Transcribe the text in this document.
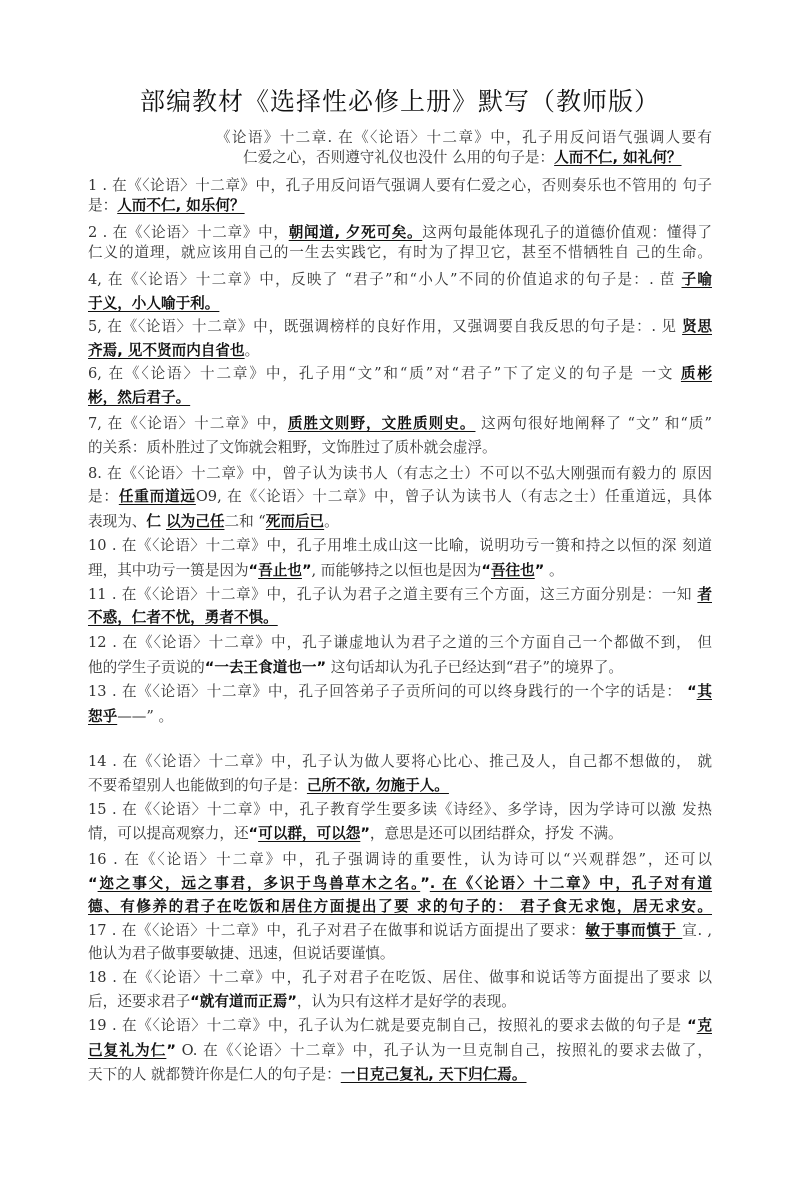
部编教材《选择性必修上册》默写（教师版）
《论语》十二章. 在《〈论语〉十二章》中，孔子用反问语气强调人要有
仁爱之心，否则遵守礼仪也没什 么用的句子是：人而不仁, 如礼何？
1 . 在《〈论语〉十二章》中，孔子用反问语气强调人要有仁爱之心，否则奏乐也不管用的 句子
是：人而不仁, 如乐何？
2 . 在《〈论语〉十二章》中，朝闻道, 夕死可矣。这两句最能体现孔子的道德价值观：懂得了
仁义的道理，就应该用自己的一生去实践它，有时为了捍卫它，甚至不惜牺牲自 己的生命。
4, 在《〈论语〉十二章》中，反映了 “君子”和“小人”不同的价值追求的句子是：. 茞 子喻
于义，小人喻于利。
5, 在《〈论语〉十二章》中，既强调榜样的良好作用，又强调要自我反思的句子是：. 见 贤思
齐焉, 见不贤而内自省也。
6, 在《〈论语〉十二章》中，孔子用“文”和“质”对“君子”下了定义的句子是 一文 质彬
彬，然后君子。
7, 在《〈论语〉十二章》中，质胜文则野，文胜质则史。 这两句很好地阐释了 “文” 和“质”
的关系：质朴胜过了文饰就会粗野，文饰胜过了质朴就会虚浮。
8. 在《〈论语〉十二章》中，曾子认为读书人（有志之士）不可以不弘大刚强而有毅力的 原因
是：任重而道远O9, 在《〈论语〉十二章》中，曾子认为读书人（有志之士）任重道远，具体
表现为、仁 以为己任二和 “死而后已。
10 . 在《〈论语〉十二章》中，孔子用堆土成山这一比喻，说明功亏一篑和持之以恒的深 刻道
理，其中功亏一篑是因为“吾止也”, 而能够持之以恒也是因为“吾往也” 。
11 . 在《〈论语〉十二章》中，孔子认为君子之道主要有三个方面，这三方面分别是：一知 者
不惑，仁者不忧，勇者不惧。
12 . 在《〈论语〉十二章》中，孔子谦虚地认为君子之道的三个方面自己一个都做不到， 但
他的学生子贡说的“一去王食道也一” 这句话却认为孔子已经达到“君子”的境界了。
13 . 在《〈论语〉十二章》中，孔子回答弟子子贡所问的可以终身践行的一个字的话是： “其
恕乎——” 。
14 . 在《〈论语〉十二章》中，孔子认为做人要将心比心、推己及人，自己都不想做的， 就
不要希望别人也能做到的句子是：己所不欲, 勿施于人。
15 . 在《〈论语〉十二章》中，孔子教育学生要多读《诗经》、多学诗，因为学诗可以激 发热
情，可以提高观察力，还“可以群，可以怨”，意思是还可以团结群众，抒发 不满。
16 . 在《〈论语〉十二章》中，孔子强调诗的重要性，认为诗可以“兴观群怨”，还可以
“迩之事父，远之事君，多识于鸟兽草木之名。”. 在《〈论语〉十二章》中，孔子对有道
德、有修养的君子在吃饭和居住方面提出了要 求的句子的： 君子食无求饱，居无求安。
17 . 在《〈论语〉十二章》中，孔子对君子在做事和说话方面提出了要求：敏于事而慎于 宣. ,
他认为君子做事要敏捷、迅速，但说话要谨慎。
18 . 在《〈论语〉十二章》中，孔子对君子在吃饭、居住、做事和说话等方面提出了要求 以
后，还要求君子“就有道而正焉”，认为只有这样才是好学的表现。
19 . 在《〈论语〉十二章》中，孔子认为仁就是要克制自己，按照礼的要求去做的句子是 “克
己复礼为仁” O. 在《〈论语〉十二章》中，孔子认为一旦克制自己，按照礼的要求去做了，
天下的人 就都赞许你是仁人的句子是：一日克己复礼, 天下归仁焉。
